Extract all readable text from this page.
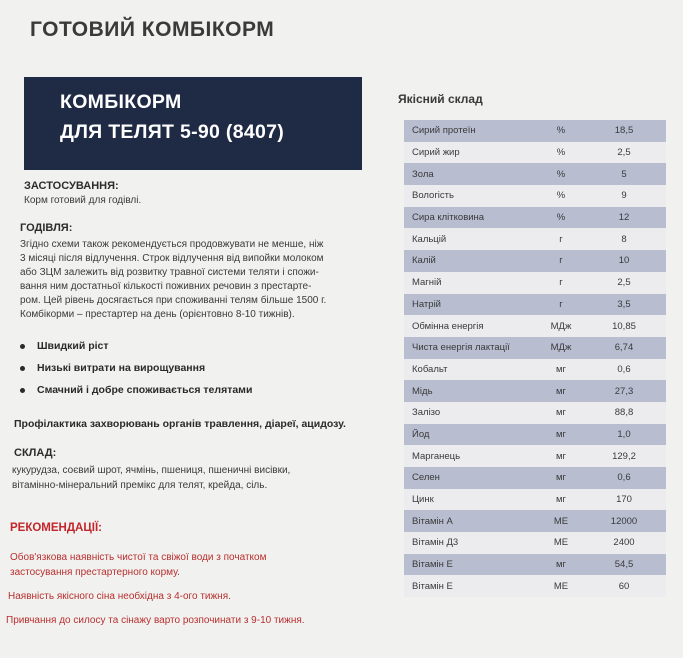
ГОТОВИЙ КОМБІКОРМ
КОМБІКОРМ
ДЛЯ ТЕЛЯТ 5-90 (8407)
ЗАСТОСУВАННЯ:
Корм готовий для годівлі.
ГОДІВЛЯ:
Згідно схеми також рекомендується продовжувати не менше, ніж
3 місяці після відлучення. Строк відлучення від випойки молоком
або ЗЦМ залежить від розвитку травної системи теляти і спожи-
вання ним достатньої кількості поживних речовин з престарте-
ром. Цей рівень досягається при споживанні телям більше 1500 г.
Комбікорми – престартер на день (орієнтовно 8-10 тижнів).
Швидкий ріст
Низькі витрати на вирощування
Смачний і добре споживається телятами
Профілактика захворювань органів травлення, діареї, ацидозу.
СКЛАД:
кукурудза, соєвий шрот, ячмінь, пшениця, пшеничні висівки,
вітамінно-мінеральний премікс для телят, крейда, сіль.
РЕКОМЕНДАЦІЇ:
Обов'язкова наявність чистої та свіжої води з початком
застосування престартерного корму.
Наявність якісного сіна необхідна з 4-ого тижня.
Привчання до силосу та сінажу варто розпочинати з 9-10 тижня.
Якісний склад
Сирий протеїн	%	18,5
Сирий жир	%	2,5
Зола	%	5
Вологість	%	9
Сира клітковина	%	12
Кальцій	г	8
Калій	г	10
Магній	г	2,5
Натрій	г	3,5
Обмінна енергія	МДж	10,85
Чиста енергія лактації	МДж	6,74
Кобальт	мг	0,6
Мідь	мг	27,3
Залізо	мг	88,8
Йод	мг	1,0
Марганець	мг	129,2
Селен	мг	0,6
Цинк	мг	170
Вітамін А	МЕ	12000
Вітамін Д3	МЕ	2400
Вітамін Е	мг	54,5
Вітамін Е	МЕ	60
